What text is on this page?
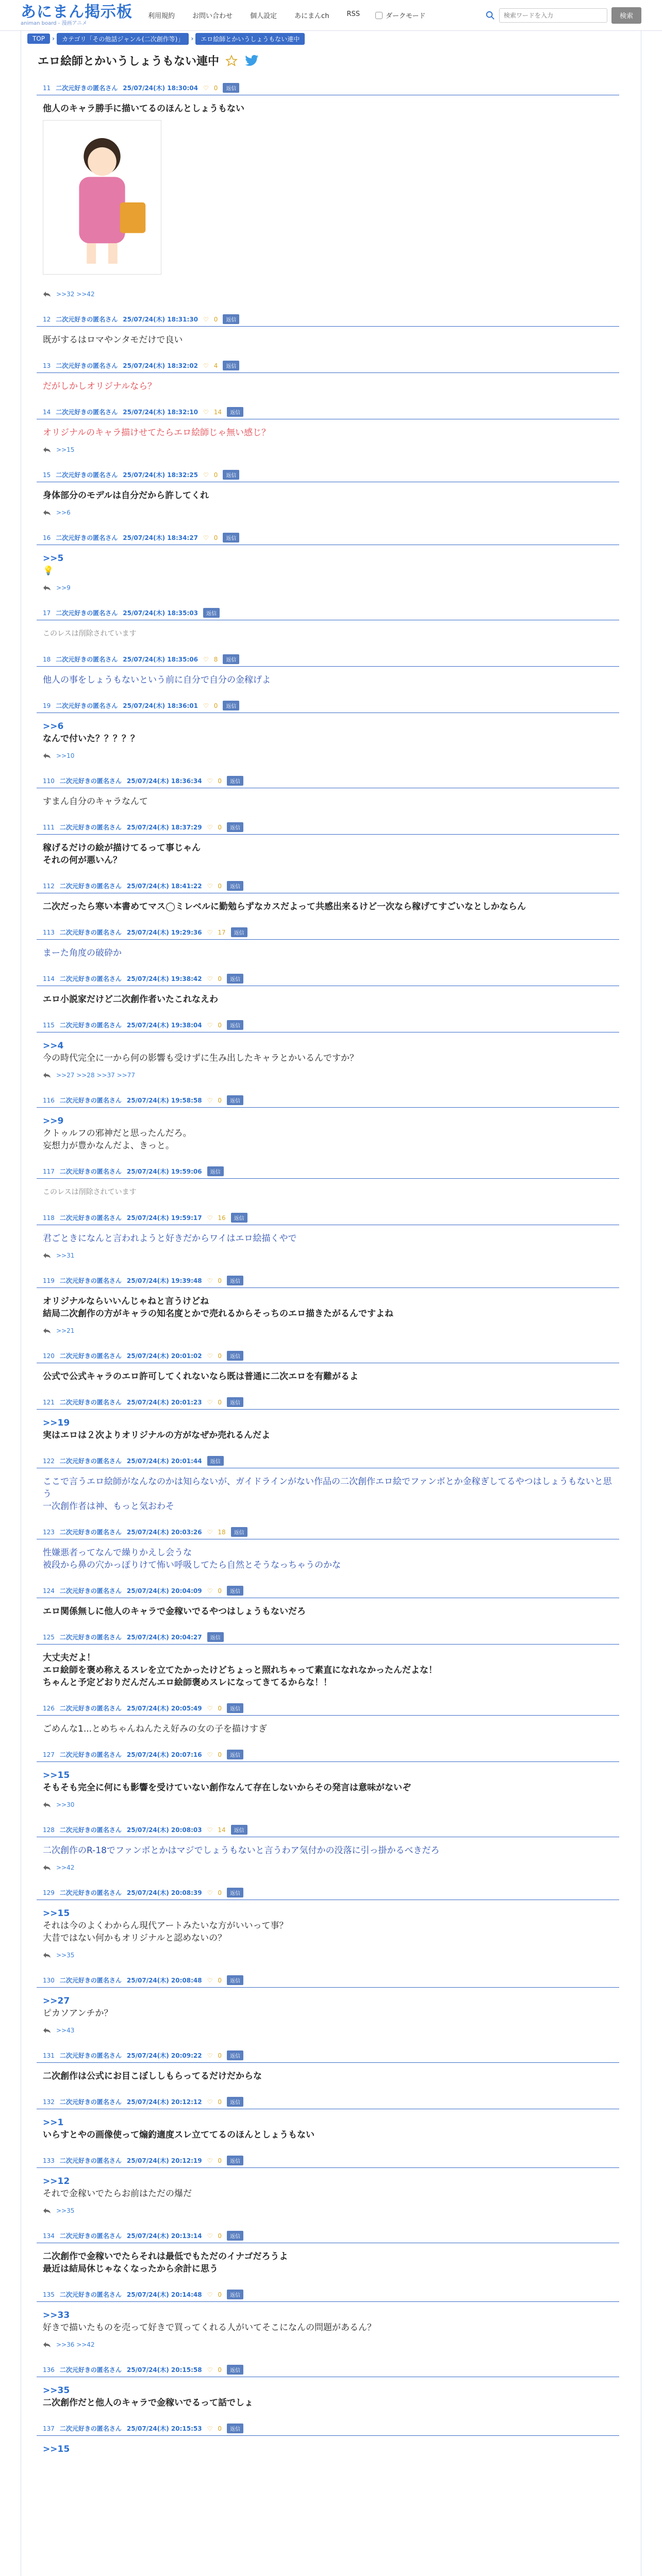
あにまん掲示板
animan board - 漫画アニメ
利用規約	お問い合わせ	個人設定	あにまんch	RSS	ダークモード
検索ワードを入力	検索
TOP	›	カテゴリ「その他話ジャンル(二次創作等)」	›	エロ絵師とかいうしょうもない連中
エロ絵師とかいうしょうもない連中
11 二次元好きの匿名さん 25/07/24(木) 18:30:04 ♡ 0	返信
他人のキャラ勝手に描いてるのほんとしょうもない
>>32 >>42
12 二次元好きの匿名さん 25/07/24(木) 18:31:30 ♡ 0	返信
既がするはロマやンタモだけで良い
13 二次元好きの匿名さん 25/07/24(木) 18:32:02 ♡ 4	返信
だがしかしオリジナルなら？
14 二次元好きの匿名さん 25/07/24(木) 18:32:10 ♡ 14	返信
オリジナルのキャラ描けせてたらエロ絵師じゃ無い感じ？
>>15
15 二次元好きの匿名さん 25/07/24(木) 18:32:25 ♡ 0	返信
身体部分のモデルは自分だから許してくれ
>>6
16 二次元好きの匿名さん 25/07/24(木) 18:34:27 ♡ 0	返信
>>5
💡
>>9
17 二次元好きの匿名さん 25/07/24(木) 18:35:03	返信
このレスは削除されています
18 二次元好きの匿名さん 25/07/24(木) 18:35:06 ♡ 8	返信
他人の事をしょうもないという前に自分で自分の金稼げよ
19 二次元好きの匿名さん 25/07/24(木) 18:36:01 ♡ 0	返信
>>6
なんで付いた？？？？？
>>10
110 二次元好きの匿名さん 25/07/24(木) 18:36:34 ♡ 0	返信
すまん自分のキャラなんて
111 二次元好きの匿名さん 25/07/24(木) 18:37:29 ♡ 0	返信
稼げるだけの絵が描けてるって事じゃん
それの何が悪いん？
112 二次元好きの匿名さん 25/07/24(木) 18:41:22 ♡ 0	返信
二次だったら寒い本書めてマス◯ミレベルに勤勉らずなカスだよって共感出来るけど一次なら稼げてすごいなとしかならん
113 二次元好きの匿名さん 25/07/24(木) 19:29:36 ♡ 17	返信
まーた角度の破砕か
114 二次元好きの匿名さん 25/07/24(木) 19:38:42 ♡ 0	返信
エロ小説家だけど二次創作者いたこれなえわ
115 二次元好きの匿名さん 25/07/24(木) 19:38:04 ♡ 0	返信
>>4
今の時代完全に一から何の影響も受けずに生み出したキャラとかいるんですか？
>>27 >>28 >>37 >>77
116 二次元好きの匿名さん 25/07/24(木) 19:58:58 ♡ 0	返信
>>9
クトゥルフの邪神だと思ったんだろ。
妄想力が豊かなんだよ、きっと。
117 二次元好きの匿名さん 25/07/24(木) 19:59:06	返信
このレスは削除されています
118 二次元好きの匿名さん 25/07/24(木) 19:59:17 ♡ 16	返信
君ごときになんと言われようと好きだからワイはエロ絵描くやで
>>31
119 二次元好きの匿名さん 25/07/24(木) 19:39:48 ♡ 0	返信
オリジナルならいいんじゃねと言うけどね
結局二次創作の方がキャラの知名度とかで売れるからそっちのエロ描きたがるんですよね
>>21
120 二次元好きの匿名さん 25/07/24(木) 20:01:02 ♡ 0	返信
公式で公式キャラのエロ許可してくれないなら既は普通に二次エロを有難がるよ
121 二次元好きの匿名さん 25/07/24(木) 20:01:23 ♡ 0	返信
>>19
実はエロは２次よりオリジナルの方がなぜか売れるんだよ
122 二次元好きの匿名さん 25/07/24(木) 20:01:44	返信
ここで言うエロ絵師がなんなのかは知らないが、ガイドラインがない作品の二次創作エロ絵でファンボとか金稼ぎしてるやつはしょうもないと思う
一次創作者は神、もっと気おわそ
123 二次元好きの匿名さん 25/07/24(木) 20:03:26 ♡ 18	返信
性嫌悪者ってなんで繰りかえし会うな
被段から鼻の穴かっぽりけて怖い呼吸してたら自然とそうなっちゃうのかな
124 二次元好きの匿名さん 25/07/24(木) 20:04:09 ♡ 0	返信
エロ関係無しに他人のキャラで金稼いでるやつはしょうもないだろ
125 二次元好きの匿名さん 25/07/24(木) 20:04:27	返信
大丈夫だよ！
エロ絵師を褒め称えるスレを立てたかったけどちょっと照れちゃって素直になれなかったんだよな！
ちゃんと予定どおりだんだんエロ絵師褒めスレになってきてるからな！！
126 二次元好きの匿名さん 25/07/24(木) 20:05:49 ♡ 0	返信
ごめんな1...とめちゃんねんたえ好みの女の子を描けすぎ
127 二次元好きの匿名さん 25/07/24(木) 20:07:16 ♡ 0	返信
>>15
そもそも完全に何にも影響を受けていない創作なんて存在しないからその発言は意味がないぞ
>>30
128 二次元好きの匿名さん 25/07/24(木) 20:08:03 ♡ 14	返信
二次創作のR-18でファンボとかはマジでしょうもないと言うわア気付かの没落に引っ掛かるべきだろ
>>42
129 二次元好きの匿名さん 25/07/24(木) 20:08:39 ♡ 0	返信
>>15
それは今のよくわからん現代アートみたいな方がいいって事？
大昔ではない何かもオリジナルと認めないの？
>>35
130 二次元好きの匿名さん 25/07/24(木) 20:08:48 ♡ 0	返信
>>27
ピカソアンチか？
>>43
131 二次元好きの匿名さん 25/07/24(木) 20:09:22 ♡ 0	返信
二次創作は公式にお目こぼししもらってるだけだからな
132 二次元好きの匿名さん 25/07/24(木) 20:12:12 ♡ 0	返信
>>1
いらすとやの画像使って煽釣適度スレ立ててるのほんとしょうもない
133 二次元好きの匿名さん 25/07/24(木) 20:12:19 ♡ 0	返信
>>12
それで金稼いでたらお前はただの爆だ
>>35
134 二次元好きの匿名さん 25/07/24(木) 20:13:14 ♡ 0	返信
二次創作で金稼いでたらそれは最低でもただのイナゴだろうよ
最近は結局休じゃなくなったから余計に思う
135 二次元好きの匿名さん 25/07/24(木) 20:14:48 ♡ 0	返信
>>33
好きで描いたものを売って好きで買ってくれる人がいてそこになんの問題があるん？
>>36 >>42
136 二次元好きの匿名さん 25/07/24(木) 20:15:58 ♡ 0	返信
>>35
二次創作だと他人のキャラで金稼いでるって話でしょ
137 二次元好きの匿名さん 25/07/24(木) 20:15:53 ♡ 0	返信
>>15
